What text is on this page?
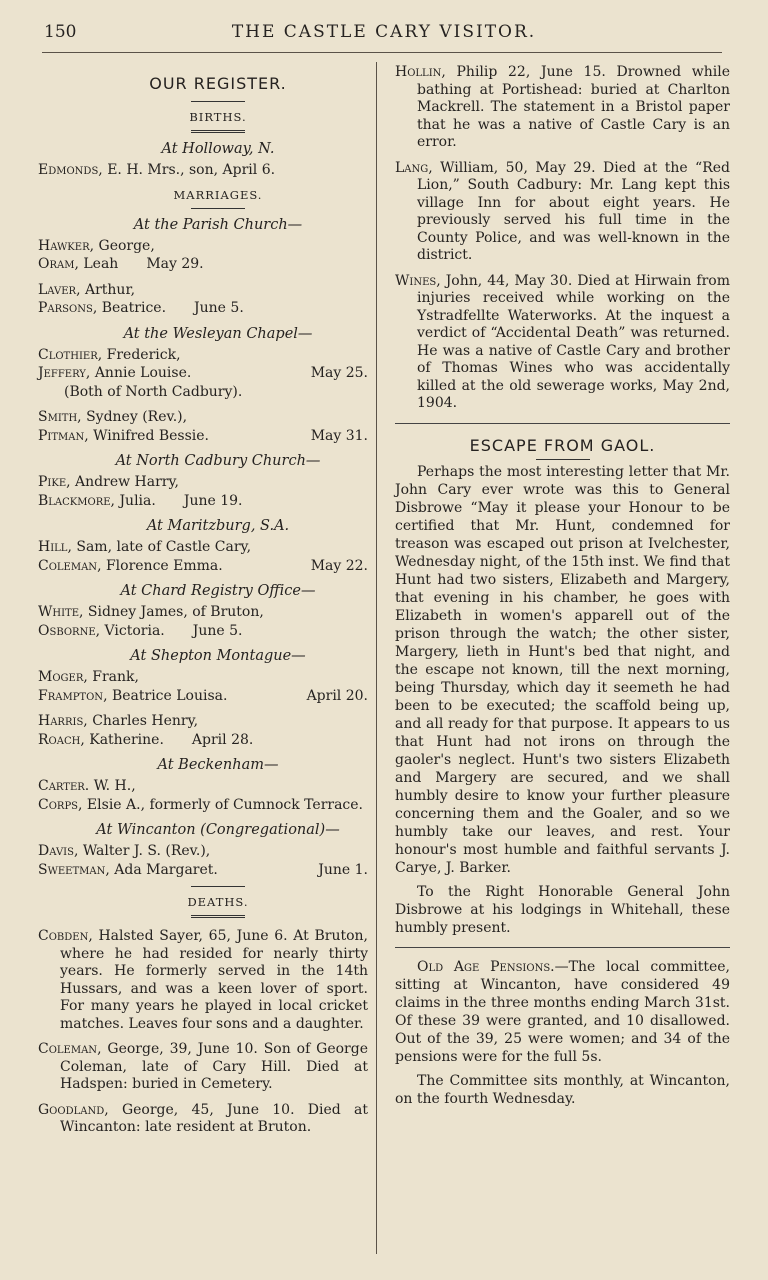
150	THE CASTLE CARY VISITOR.
OUR REGISTER.
BIRTHS.
At Holloway, N.
Edmonds, E. H. Mrs., son, April 6.
MARRIAGES.
At the Parish Church—
Hawker, George,
Oram, Leah May 29.
Laver, Arthur,
Parsons, Beatrice. June 5.
At the Wesleyan Chapel—
Clothier, Frederick,
Jeffery, Annie Louise.	May 25.
(Both of North Cadbury).
Smith, Sydney (Rev.),
Pitman, Winifred Bessie.	May 31.
At North Cadbury Church—
Pike, Andrew Harry,
Blackmore, Julia. June 19.
At Maritzburg, S.A.
Hill, Sam, late of Castle Cary,
Coleman, Florence Emma.	May 22.
At Chard Registry Office—
White, Sidney James, of Bruton,
Osborne, Victoria. June 5.
At Shepton Montague—
Moger, Frank,
Frampton, Beatrice Louisa.	April 20.
Harris, Charles Henry,
Roach, Katherine. April 28.
At Beckenham—
Carter. W. H.,
Corps, Elsie A., formerly of Cumnock Terrace.
At Wincanton (Congregational)—
Davis, Walter J. S. (Rev.),
Sweetman, Ada Margaret.	June 1.
DEATHS.

Cobden, Halsted Sayer, 65, June 6. At Bruton, where he had resided for nearly thirty years. He formerly served in the 14th Hussars, and was a keen lover of sport. For many years he played in local cricket matches. Leaves four sons and a daughter.

Coleman, George, 39, June 10. Son of George Coleman, late of Cary Hill. Died at Hadspen: buried in Cemetery.

Goodland, George, 45, June 10. Died at Wincanton: late resident at Bruton.

Hollin, Philip 22, June 15. Drowned while bathing at Portishead: buried at Charlton Mackrell. The statement in a Bristol paper that he was a native of Castle Cary is an error.

Lang, William, 50, May 29. Died at the “Red Lion,” South Cadbury: Mr. Lang kept this village Inn for about eight years. He previously served his full time in the County Police, and was well-known in the district.

Wines, John, 44, May 30. Died at Hirwain from injuries received while working on the Ystradfellte Waterworks. At the inquest a verdict of “Accidental Death” was returned. He was a native of Castle Cary and brother of Thomas Wines who was accidentally killed at the old sewerage works, May 2nd, 1904.

ESCAPE FROM GAOL.

Perhaps the most interesting letter that Mr. John Cary ever wrote was this to General Disbrowe “May it please your Honour to be certified that Mr. Hunt, condemned for treason was escaped out prison at Ivelchester, Wednesday night, of the 15th inst. We find that Hunt had two sisters, Elizabeth and Margery, that evening in his chamber, he goes with Elizabeth in women's apparell out of the prison through the watch; the other sister, Margery, lieth in Hunt's bed that night, and the escape not known, till the next morning, being Thursday, which day it seemeth he had been to be executed; the scaffold being up, and all ready for that purpose. It appears to us that Hunt had not irons on through the gaoler's neglect. Hunt's two sisters Elizabeth and Margery are secured, and we shall humbly desire to know your further pleasure concerning them and the Goaler, and so we humbly take our leaves, and rest. Your honour's most humble and faithful servants J. Carye, J. Barker.

To the Right Honorable General John Disbrowe at his lodgings in Whitehall, these humbly present.

Old Age Pensions.—The local committee, sitting at Wincanton, have considered 49 claims in the three months ending March 31st. Of these 39 were granted, and 10 disallowed. Out of the 39, 25 were women; and 34 of the pensions were for the full 5s.

The Committee sits monthly, at Wincanton, on the fourth Wednesday.
